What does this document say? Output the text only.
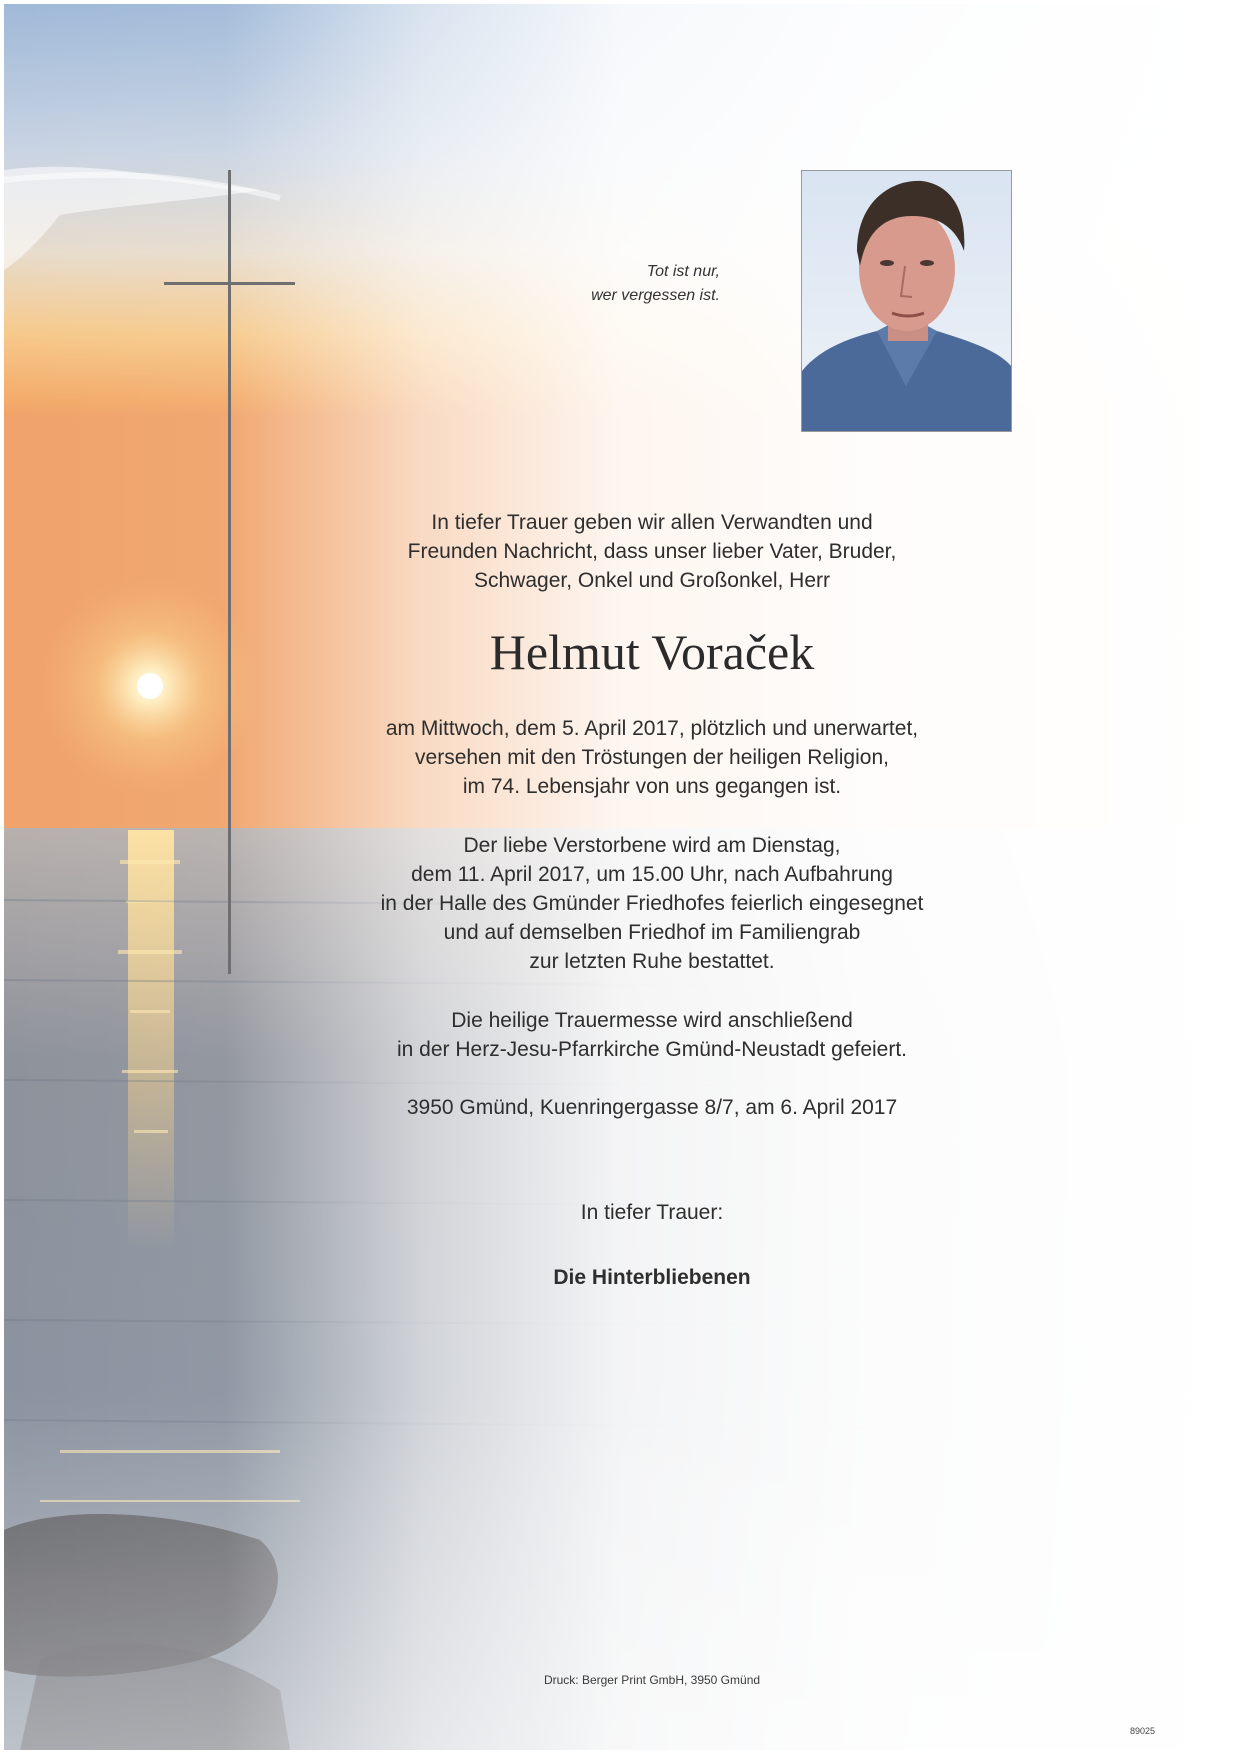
Tot ist nur,
wer vergessen ist.
In tiefer Trauer geben wir allen Verwandten und
Freunden Nachricht, dass unser lieber Vater, Bruder,
Schwager, Onkel und Großonkel, Herr
Helmut Voraček
am Mittwoch, dem 5. April 2017, plötzlich und unerwartet,
versehen mit den Tröstungen der heiligen Religion,
im 74. Lebensjahr von uns gegangen ist.
Der liebe Verstorbene wird am Dienstag,
dem 11. April 2017, um 15.00 Uhr, nach Aufbahrung
in der Halle des Gmünder Friedhofes feierlich eingesegnet
und auf demselben Friedhof im Familiengrab
zur letzten Ruhe bestattet.
Die heilige Trauermesse wird anschließend
in der Herz-Jesu-Pfarrkirche Gmünd-Neustadt gefeiert.
3950 Gmünd, Kuenringergasse 8/7, am 6. April 2017
In tiefer Trauer:
Die Hinterbliebenen
Druck: Berger Print GmbH, 3950 Gmünd
89025
